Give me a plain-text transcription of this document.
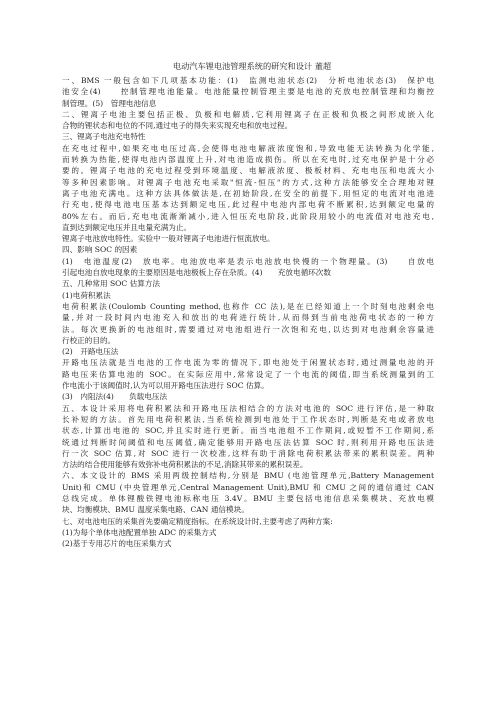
电动汽车锂电池管理系统的研究和设计 董超
一、BMS 一般包含如下几项基本功能：(1)　监测电池状态(2)　分析电池状态(3)　保护电
池安全(4)　　控制管理电池能量。电池能量控制管理主要是电池的充放电控制管理和均衡控
制管理。(5)　管理电池信息
二、锂离子电池主要包括正极、负极和电解质,它利用锂离子在正极和负极之间形成嵌入化
合物的锂状态和电位的不同,通过电子的得失来实现充电和放电过程。
三、锂离子电池充电特性
在充电过程中,如果充电电压过高,会使得电池电解液浓度饱和,导致电能无法转换为化学能,
而转换为热能,使得电池内部温度上升,对电池造成损伤。所以在充电时,过充电保护是十分必
要的。锂离子电池的充电过程受到环境温度、电解液浓度、极板材料、充电电压和电流大小
等多种因素影响。对锂离子电池充电采取"恒流-恒压"的方式,这种方法能够安全合理地对锂
离子电池充满电。这种方法具体做法是,在初始阶段,在安全的前提下,用恒定的电流对电池进
行充电,使得电池电压基本达到额定电压,此过程中电池内部电荷不断累积,达到额定电量的
80%左右。而后,充电电流渐渐减小,进入恒压充电阶段,此阶段用较小的电流值对电池充电,
直到达到额定电压并且电量充满为止。
锂离子电池放电特性。实验中一般对锂离子电池进行恒流放电。
四、影响 SOC 的因素
(1)　电池温度(2)　放电率。电池放电率是表示电池放电快慢的一个物理量。(3)　　自放电
引起电池自放电现象的主要原因是电池极板上存在杂质。(4)　　充放电循环次数
五、几种常用 SOC 估算方法
(1)电荷积累法
电荷积累法(Coulomb Counting method,也称作 CC 法),是在已经知道上一个时刻电池剩余电
量,并对一段时间内电池充入和放出的电荷进行统计,从而得到当前电池荷电状态的一种方
法。每次更换新的电池组时,需要通过对电池组进行一次饱和充电,以达到对电池剩余容量进
行校正的目的。
(2)　开路电压法
开路电压法就是当电池的工作电流为零的情况下,即电池处于闲置状态时,通过测量电池的开
路电压来估算电池的 SOC。在实际应用中,常常设定了一个电流的阈值,即当系统测量到的工
作电流小于该阈值时,认为可以用开路电压法进行 SOC 估算。
(3)　内阻法(4)　　负载电压法
五、本设计采用将电荷积累法和开路电压法相结合的方法对电池的 SOC 进行评估,是一种取
长补短的方法。首先用电荷积累法,当系统检测到电池处于工作状态时,判断是充电或者放电
状态,计算出电池的 SOC,并且实时进行更新。而当电池组不工作期间,或短暂不工作期间,系
统通过判断时间阈值和电压阈值,确定能够用开路电压法估算 SOC 时,则利用开路电压法进
行一次 SOC 估算,对 SOC 进行一次校准,这样有助于消除电荷积累法带来的累积误差。两种
方法的结合使用能够有效弥补电荷积累法的不足,消除其带来的累积误差。
六、本文设计的 BMS 采用两级控制结构,分别是 BMU (电池管理单元,Battery Management
Unit)和 CMU (中央管理单元,Central Management Unit),BMU 和 CMU 之间的通信通过 CAN
总线完成。单体锂酸铁锂电池标称电压 3.4V。BMU 主要包括电池信息采集模块、充放电模
块、均衡模块、BMU 温度采集电路、CAN 通信模块。
七、对电池电压的采集首先要确定精度指标。在系统设计时,主要考虑了两种方案:
(1)为每个单体电池配置单独 ADC 的采集方式
(2)基于专用芯片的电压采集方式
